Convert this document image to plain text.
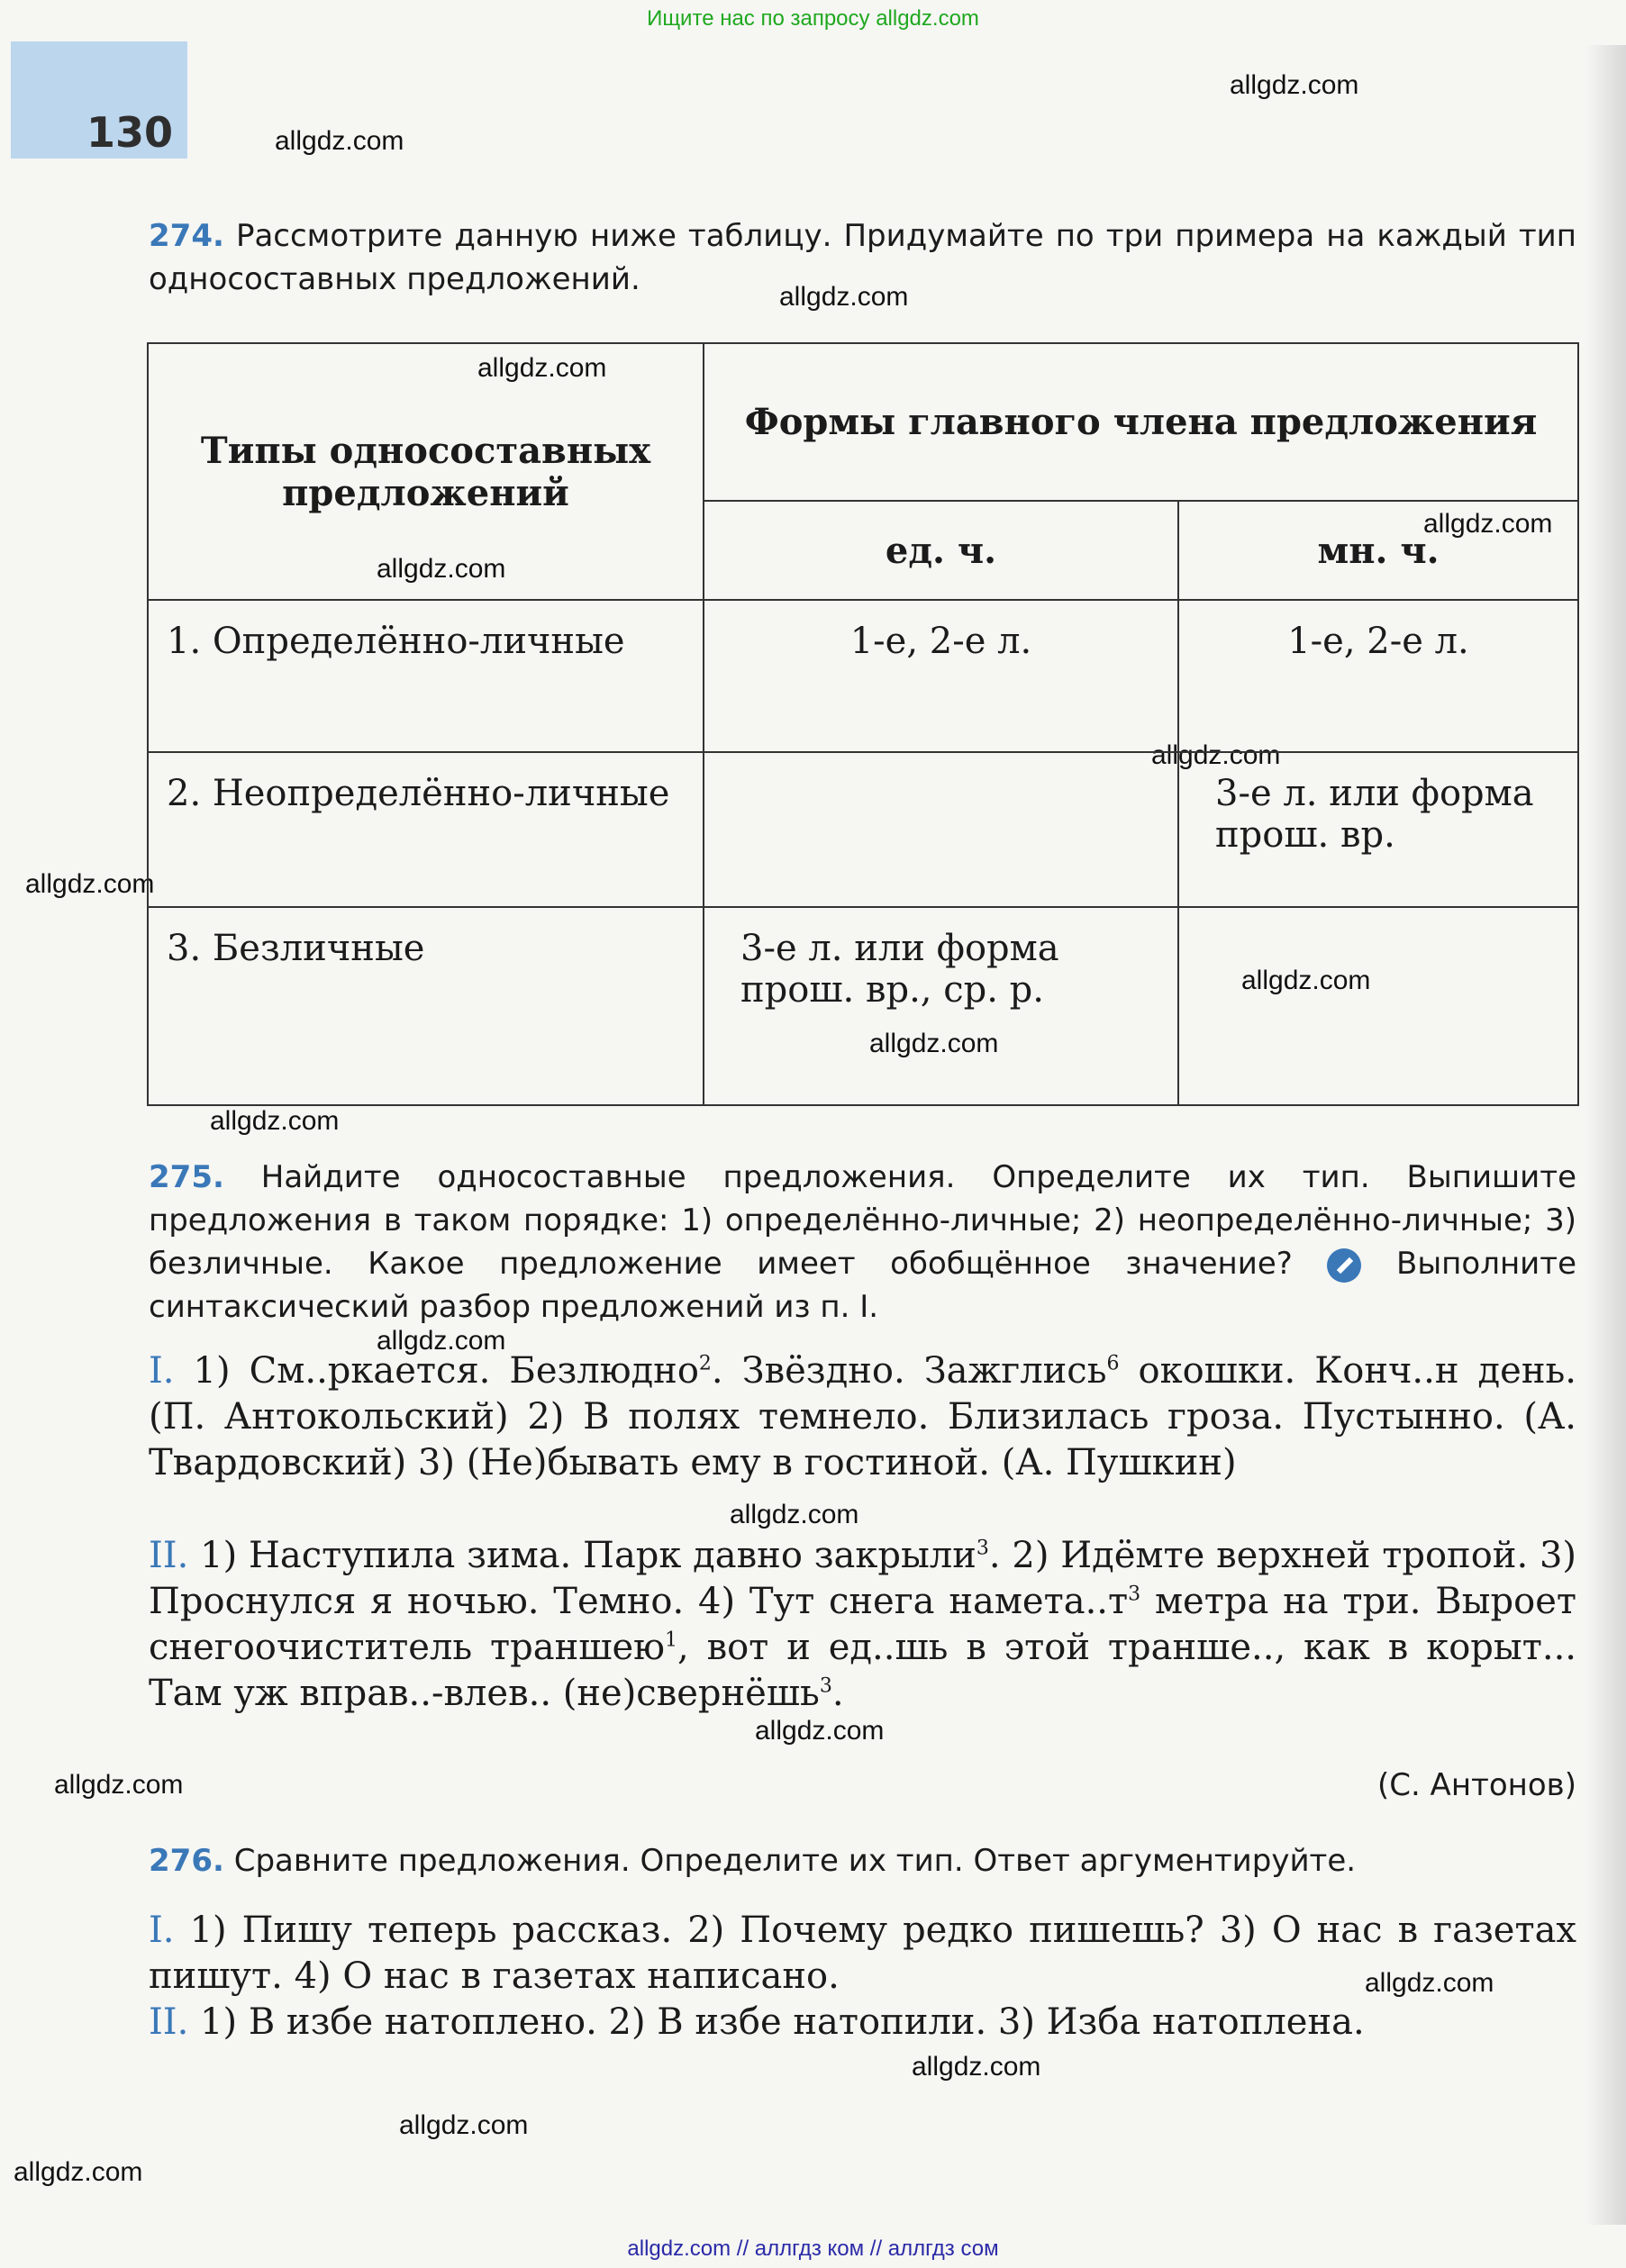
Ищите нас по запросу allgdz.com
130
allgdz.com
allgdz.com
allgdz.com
allgdz.com
allgdz.com
allgdz.com
allgdz.com
allgdz.com
allgdz.com
allgdz.com
allgdz.com
allgdz.com
allgdz.com
allgdz.com
allgdz.com
allgdz.com
allgdz.com
allgdz.com
allgdz.com
274. Рассмотрите данную ниже таблицу. Придумайте по три примера на каждый тип односоставных предложений.
Типы односоставных предложений	Формы главного члена предложения	
	ед. ч.	мн. ч.
1. Определённо-личные	1-е, 2-е л.	1-е, 2-е л.
2. Неопределённо-личные		3-е л. или форма прош. вр.
3. Безличные	3-е л. или форма прош. вр., ср. р.	
275. Найдите односоставные предложения. Определите их тип. Выпишите предложения в таком порядке: 1) определённо-личные; 2) неопределённо-личные; 3) безличные. Какое предложение имеет обобщённое значение?	Выполните синтаксический разбор предложений из п. I.
I. 1) См..ркается. Безлюдно$^2$. Звёздно. Зажглись$^6$ окошки. Конч..н день. (П. Антокольский) 2) В полях темнело. Близилась гроза. Пустынно. (А. Твардовский) 3) (Не)бывать ему в гостиной. (А. Пушкин)
II. 1) Наступила зима. Парк давно закрыли$^3$. 2) Идёмте верхней тропой. 3) Проснулся я ночью. Темно. 4) Тут снега $намета..т^3$ метра на три. Выроет снегоочиститель траншею$^1$, вот и ед..шь в этой транше.., как в корыт... Там уж вправ..-влев.. (не)свернёшь$^3$.
(С. Антонов)
276. Сравните предложения. Определите их тип. Ответ аргументируйте.
I. 1) Пишу теперь рассказ. 2) Почему редко пишешь? 3) О нас в газетах пишут. 4) О нас в газетах написано.
II. 1) В избе натоплено. 2) В избе натопили. 3) Изба натоплена.
allgdz.com // аллгдз ком // аллгдз сом
